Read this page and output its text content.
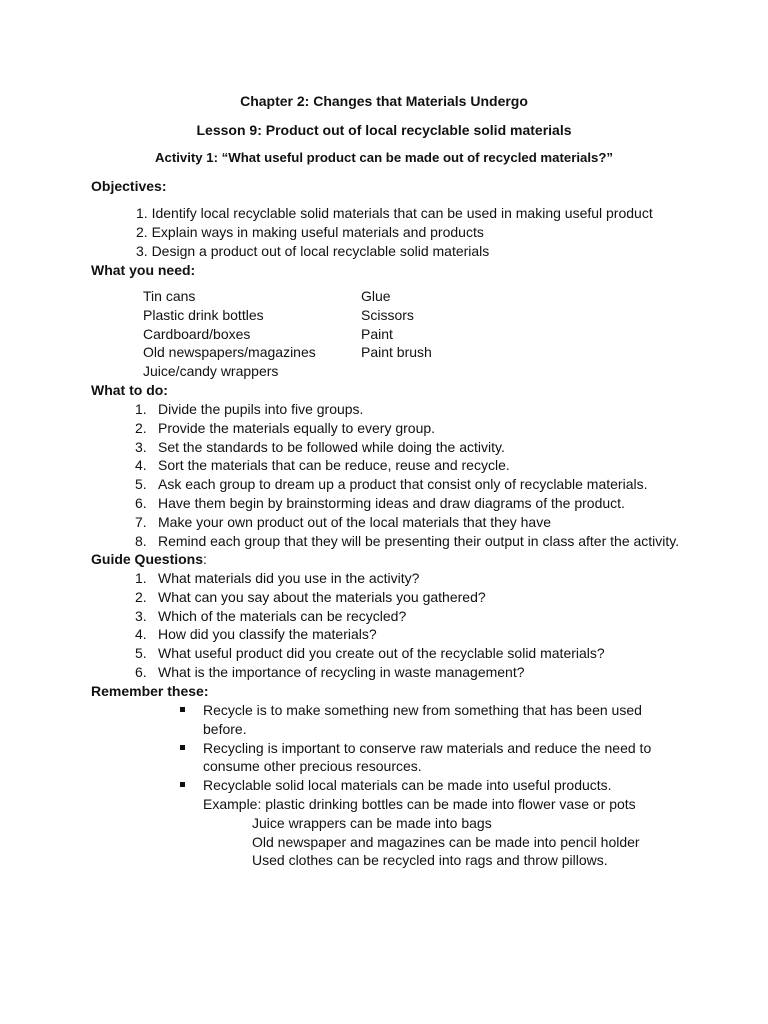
Chapter 2: Changes that Materials Undergo
Lesson 9: Product out of local recyclable solid materials
Activity 1: “What useful product can be made out of recycled materials?”
Objectives:
1. Identify local recyclable solid materials that can be used in making useful product
2. Explain ways in making useful materials and products
3. Design a product out of local recyclable solid materials
What you need:
Tin cans
Plastic drink bottles
Cardboard/boxes
Old newspapers/magazines
Juice/candy wrappers
Glue
Scissors
Paint
Paint brush
What to do:
1. Divide the pupils into five groups.
2. Provide the materials equally to every group.
3. Set the standards to be followed while doing the activity.
4. Sort the materials that can be reduce, reuse and recycle.
5. Ask each group to dream up a product that consist only of recyclable materials.
6. Have them begin by brainstorming ideas and draw diagrams of the product.
7. Make your own product out of the local materials that they have
8. Remind each group that they will be presenting their output in class after the activity.
Guide Questions:
1. What materials did you use in the activity?
2. What can you say about the materials you gathered?
3. Which of the materials can be recycled?
4. How did you classify the materials?
5. What useful product did you create out of the recyclable solid materials?
6. What is the importance of recycling in waste management?
Remember these:
Recycle is to make something new from something that has been used
before.
Recycling is important to conserve raw materials and reduce the need to
consume other precious resources.
Recyclable solid local materials can be made into useful products.
Example: plastic drinking bottles can be made into flower vase or pots
Juice wrappers can be made into bags
Old newspaper and magazines can be made into pencil holder
Used clothes can be recycled into rags and throw pillows.
